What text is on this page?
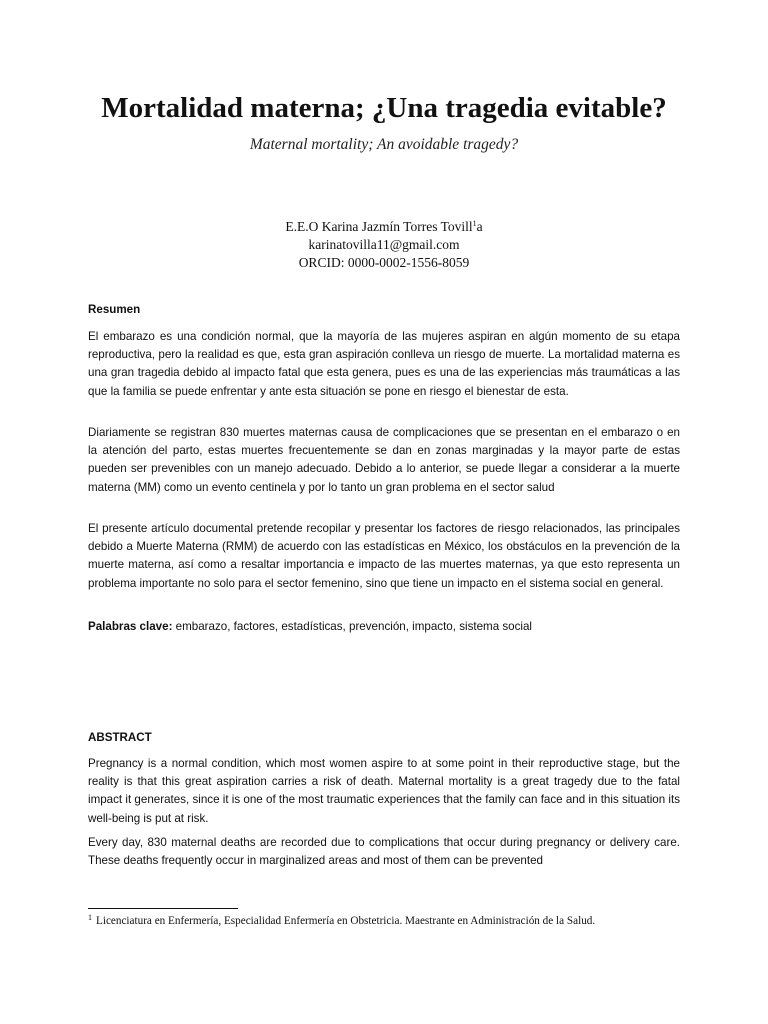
Mortalidad materna; ¿Una tragedia evitable?

Maternal mortality; An avoidable tragedy?

E.E.O Karina Jazmín Torres Tovill$^1$a
karinatovilla11@gmail.com
ORCID: 0000-0002-1556-8059
Resumen

El embarazo es una condición normal, que la mayoría de las mujeres aspiran en algún momento de su etapa reproductiva, pero la realidad es que, esta gran aspiración conlleva un riesgo de muerte. La mortalidad materna es una gran tragedia debido al impacto fatal que esta genera, pues es una de las experiencias más traumáticas a las que la familia se puede enfrentar y ante esta situación se pone en riesgo el bienestar de esta.

Diariamente se registran 830 muertes maternas causa de complicaciones que se presentan en el embarazo o en la atención del parto, estas muertes frecuentemente se dan en zonas marginadas y la mayor parte de estas pueden ser prevenibles con un manejo adecuado. Debido a lo anterior, se puede llegar a considerar a la muerte materna (MM) como un evento centinela y por lo tanto un gran problema en el sector salud

El presente artículo documental pretende recopilar y presentar los factores de riesgo relacionados, las principales debido a Muerte Materna (RMM) de acuerdo con las estadísticas en México, los obstáculos en la prevención de la muerte materna, así como a resaltar importancia e impacto de las muertes maternas, ya que esto representa un problema importante no solo para el sector femenino, sino que tiene un impacto en el sistema social en general.

Palabras clave: embarazo, factores, estadísticas, prevención, impacto, sistema social

ABSTRACT

Pregnancy is a normal condition, which most women aspire to at some point in their reproductive stage, but the reality is that this great aspiration carries a risk of death. Maternal mortality is a great tragedy due to the fatal impact it generates, since it is one of the most traumatic experiences that the family can face and in this situation its well-being is put at risk.

Every day, 830 maternal deaths are recorded due to complications that occur during pregnancy or delivery care. These deaths frequently occur in marginalized areas and most of them can be prevented

$^1$ Licenciatura en Enfermería, Especialidad Enfermería en Obstetricia. Maestrante en Administración de la Salud.
